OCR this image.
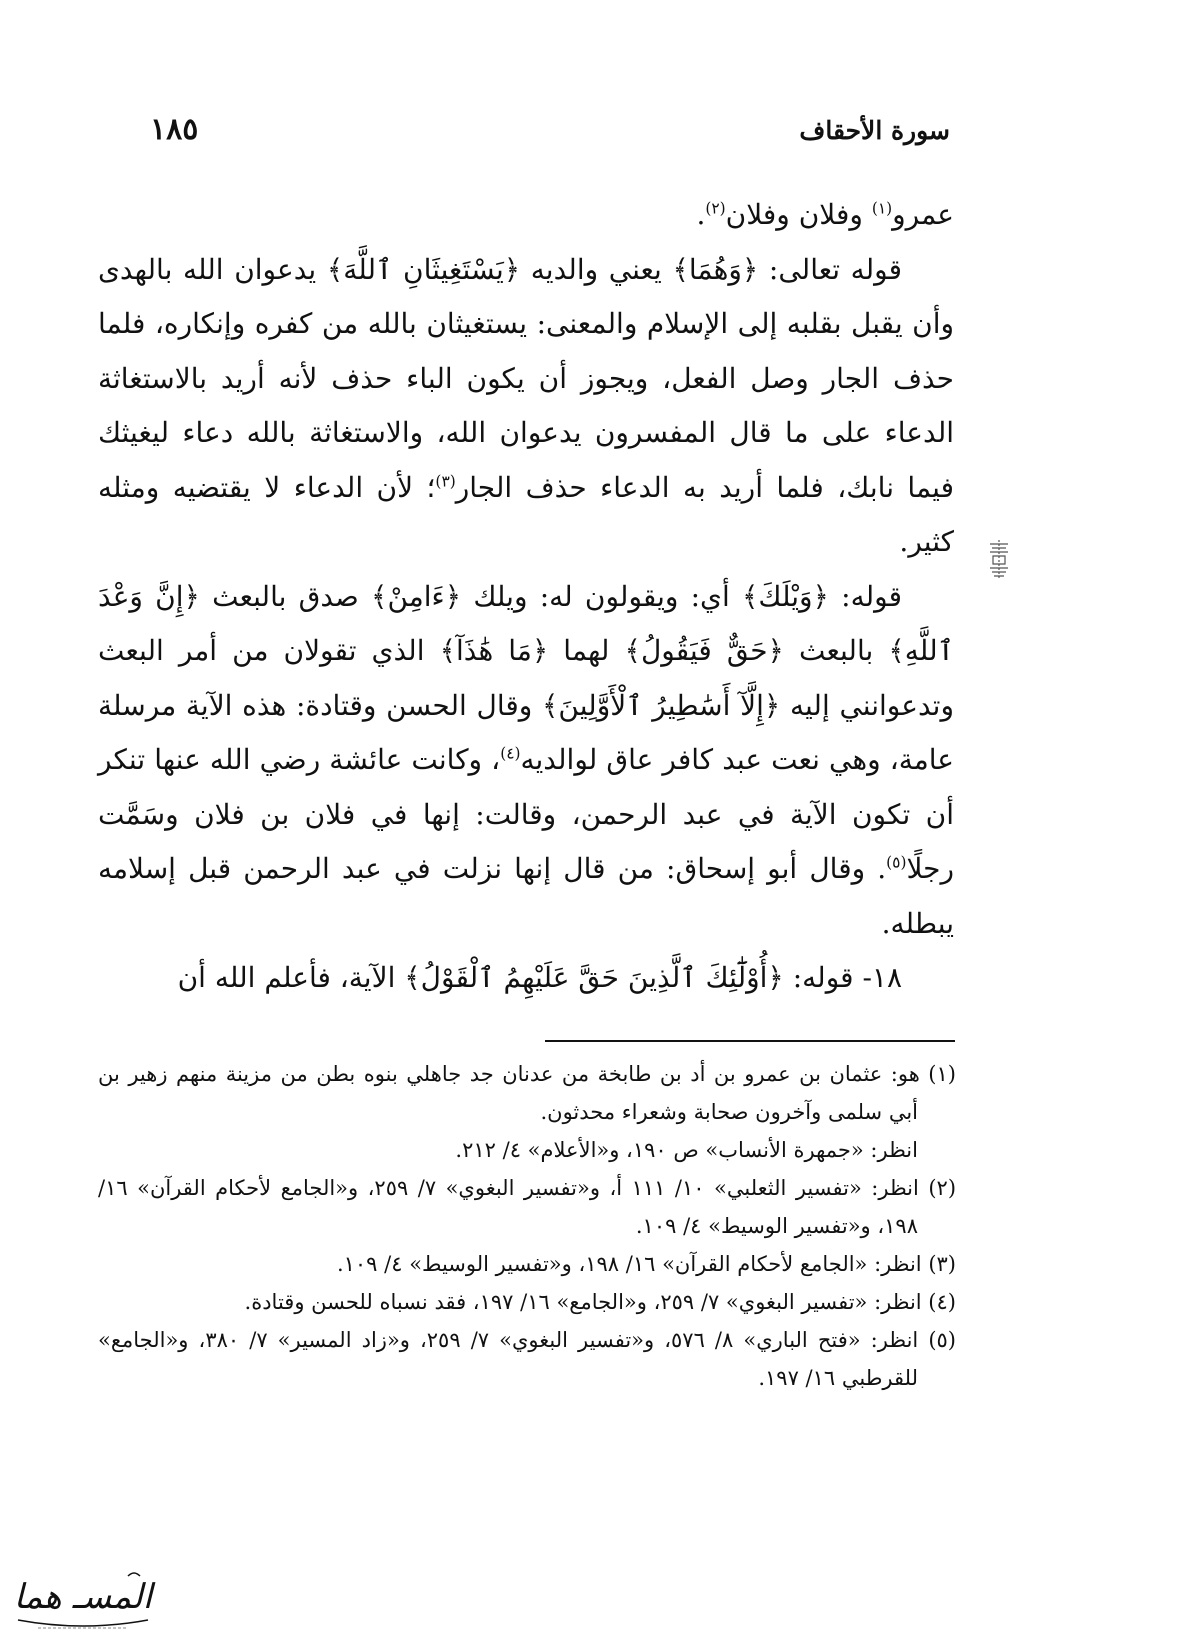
سورة الأحقاف
١٨٥

عمرو$^{(١)}$ وفلان وفلان$^{(٢)}$.

قوله تعالى: ﴿وَهُمَا﴾ يعني والديه ﴿يَسْتَغِيثَانِ ٱللَّهَ﴾ يدعوان الله بالهدى وأن يقبل بقلبه إلى الإسلام والمعنى: يستغيثان بالله من كفره وإنكاره، فلما حذف الجار وصل الفعل، ويجوز أن يكون الباء حذف لأنه أريد بالاستغاثة الدعاء على ما قال المفسرون يدعوان الله، والاستغاثة بالله دعاء ليغيثك فيما نابك، فلما أريد به الدعاء حذف الجار$^{(٣)}$؛ لأن الدعاء لا يقتضيه ومثله كثير.

قوله: ﴿وَيْلَكَ﴾ أي: ويقولون له: ويلك ﴿ءَامِنْ﴾ صدق بالبعث ﴿إِنَّ وَعْدَ ٱللَّهِ﴾ بالبعث ﴿حَقٌّ فَيَقُولُ﴾ لهما ﴿مَا هَٰذَآ﴾ الذي تقولان من أمر البعث وتدعوانني إليه ﴿إِلَّآ أَسَٰطِيرُ ٱلْأَوَّلِينَ﴾ وقال الحسن وقتادة: هذه الآية مرسلة عامة، وهي نعت عبد كافر عاق لوالديه$^{(٤)}$، وكانت عائشة رضي الله عنها تنكر أن تكون الآية في عبد الرحمن، وقالت: إنها في فلان بن فلان وسَمَّت رجلًا$^{(٥)}$. وقال أبو إسحاق: من قال إنها نزلت في عبد الرحمن قبل إسلامه يبطله.

١٨- قوله: ﴿أُوْلَٰٓئِكَ ٱلَّذِينَ حَقَّ عَلَيْهِمُ ٱلْقَوْلُ﴾ الآية، فأعلم الله أن

(١) هو: عثمان بن عمرو بن أد بن طابخة من عدنان جد جاهلي بنوه بطن من مزينة منهم زهير بن أبي سلمى وآخرون صحابة وشعراء محدثون.

انظر: «جمهرة الأنساب» ص ١٩٠، و«الأعلام» ٤/ ٢١٢.

(٢) انظر: «تفسير الثعلبي» ١٠/ ١١١ أ، و«تفسير البغوي» ٧/ ٢٥٩، و«الجامع لأحكام القرآن» ١٦/ ١٩٨، و«تفسير الوسيط» ٤/ ١٠٩.

(٣) انظر: «الجامع لأحكام القرآن» ١٦/ ١٩٨، و«تفسير الوسيط» ٤/ ١٠٩.

(٤) انظر: «تفسير البغوي» ٧/ ٢٥٩، و«الجامع» ١٦/ ١٩٧، فقد نسباه للحسن وقتادة.

(٥) انظر: «فتح الباري» ٨/ ٥٧٦، و«تفسير البغوي» ٧/ ٢٥٩، و«زاد المسير» ٧/ ٣٨٠، و«الجامع» للقرطبي ١٦/ ١٩٧.

المسـ هما
